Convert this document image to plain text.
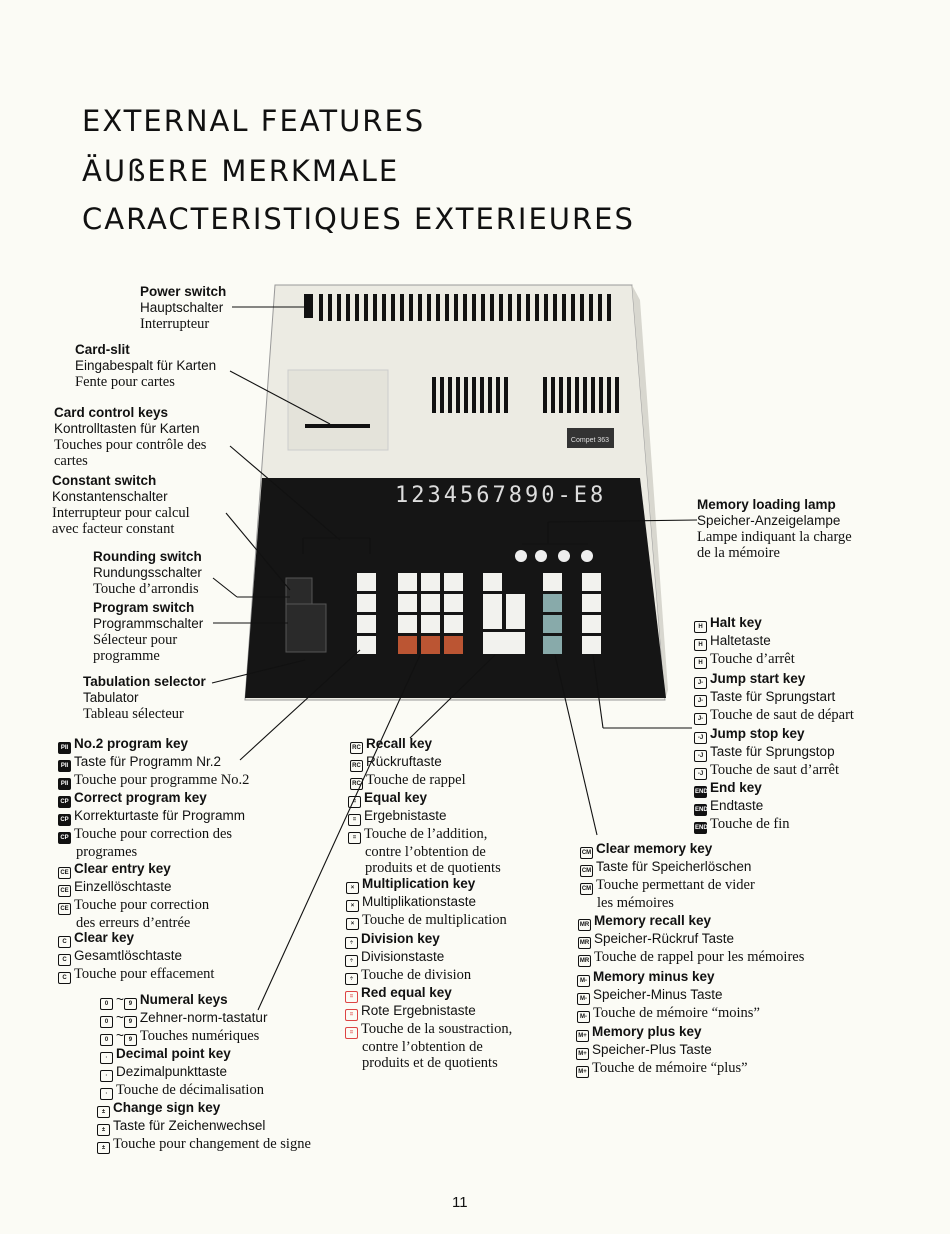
EXTERNAL FEATURES
ÄUßERE MERKMALE
CARACTERISTIQUES EXTERIEURES
Compet 363
1234567890-E8
Power switch
Hauptschalter
Interrupteur
Card-slit
Eingabespalt für Karten
Fente pour cartes
Card control keys
Kontrolltasten für Karten
Touches pour contrôle des
cartes
Constant switch
Konstantenschalter
Interrupteur pour calcul
avec facteur constant
Rounding switch
Rundungsschalter
Touche d’arrondis
Program switch
Programmschalter
Sélecteur pour
programme
Tabulation selector
Tabulator
Tableau sélecteur
Memory loading lamp
Speicher-Anzeigelampe
Lampe indiquant la charge
de la mémoire
H Halt key
H Haltetaste
H Touche d’arrêt
J- Jump start key
J- Taste für Sprungstart
J- Touche de saut de départ
-J Jump stop key
-J Taste für Sprungstop
-J Touche de saut d’arrêt
END End key
END Endtaste
END Touche de fin
PII No.2 program key
PII Taste für Programm Nr.2
PII Touche pour programme No.2
CP Correct program key
CP Korrekturtaste für Programm
CP Touche pour correction des
programes
CE Clear entry key
CE Einzellöschtaste
CE Touche pour correction
des erreurs d’entrée
C Clear key
C Gesamtlöschtaste
C Touche pour effacement
0 ~ 9 Numeral keys
0 ~ 9 Zehner-norm-tastatur
0 ~ 9 Touches numériques
· Decimal point key
· Dezimalpunkttaste
· Touche de décimalisation
± Change sign key
± Taste für Zeichenwechsel
± Touche pour changement de signe
RC Recall key
RC Rückruftaste
RC Touche de rappel
= Equal key
= Ergebnistaste
= Touche de l’addition,
contre l’obtention de
produits et de quotients
× Multiplication key
× Multiplikationstaste
× Touche de multiplication
÷ Division key
÷ Divisionstaste
÷ Touche de division
= Red equal key
= Rote Ergebnistaste
= Touche de la soustraction,
contre l’obtention de
produits et de quotients
CM Clear memory key
CM Taste für Speicherlöschen
CM Touche permettant de vider
les mémoires
MR Memory recall key
MR Speicher-Rückruf Taste
MR Touche de rappel pour les mémoires
M- Memory minus key
M- Speicher-Minus Taste
M- Touche de mémoire “moins”
M+ Memory plus key
M+ Speicher-Plus Taste
M+ Touche de mémoire “plus”
11
